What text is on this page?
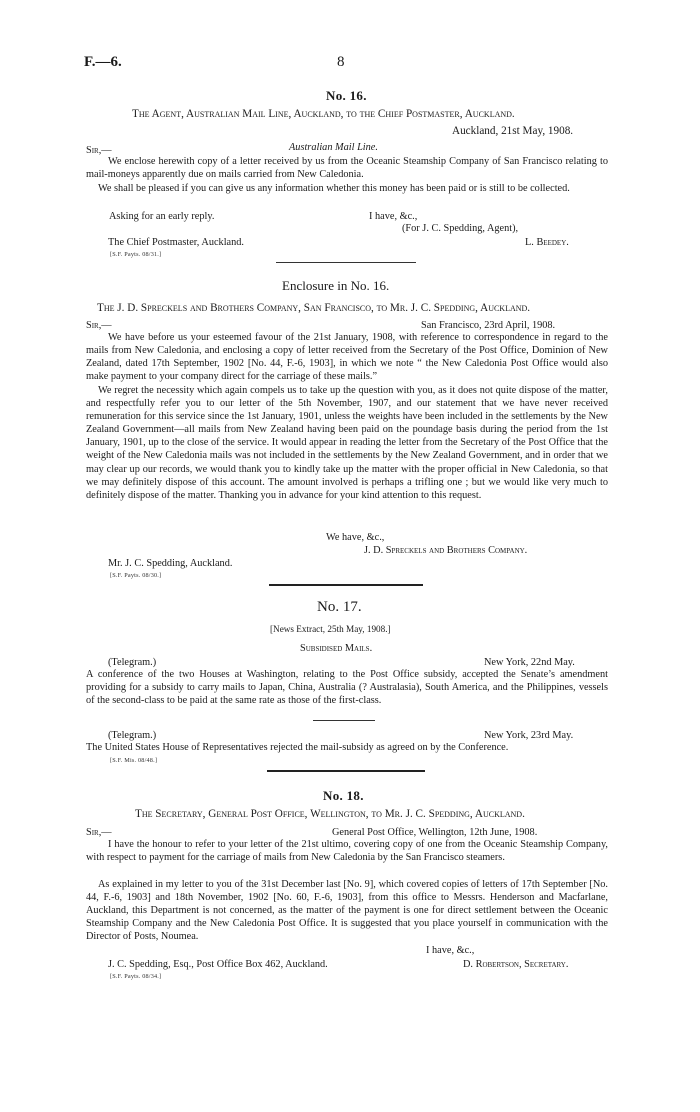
F.—6.	8
No. 16.
The Agent, Australian Mail Line, Auckland, to the Chief Postmaster, Auckland.
Auckland, 21st May, 1908.
Sir,—	Australian Mail Line.
We enclose herewith copy of a letter received by us from the Oceanic Steamship Company of San Francisco relating to mail-moneys apparently due on mails carried from New Caledonia.
We shall be pleased if you can give us any information whether this money has been paid or is still to be collected.
Asking for an early reply.	I have, &c.,
(For J. C. Spedding, Agent),
The Chief Postmaster, Auckland.	L. Beedey.
[S.F. Payts. 08/31.]
Enclosure in No. 16.
The J. D. Spreckels and Brothers Company, San Francisco, to Mr. J. C. Spedding, Auckland.
Sir,—	San Francisco, 23rd April, 1908.
We have before us your esteemed favour of the 21st January, 1908, with reference to correspondence in regard to the mails from New Caledonia, and enclosing a copy of letter received from the Secretary of the Post Office, Dominion of New Zealand, dated 17th September, 1902 [No. 44, F.-6, 1903], in which we note “ the New Caledonia Post Office would also make payment to your company direct for the carriage of these mails.”
We regret the necessity which again compels us to take up the question with you, as it does not quite dispose of the matter, and respectfully refer you to our letter of the 5th November, 1907, and our statement that we have never received remuneration for this service since the 1st January, 1901, unless the weights have been included in the settlements by the New Zealand Government—all mails from New Zealand having been paid on the poundage basis during the period from the 1st January, 1901, up to the close of the service. It would appear in reading the letter from the Secretary of the Post Office that the weight of the New Caledonia mails was not included in the settlements by the New Zealand Government, and in order that we may clear up our records, we would thank you to kindly take up the matter with the proper official in New Caledonia, so that we may definitely dispose of this account. The amount involved is perhaps a trifling one ; but we would like very much to definitely dispose of the matter. Thanking you in advance for your kind attention to this request.
We have, &c.,
J. D. Spreckels and Brothers Company.
Mr. J. C. Spedding, Auckland.
[S.F. Payts. 08/30.]
No. 17.
[News Extract, 25th May, 1908.]
Subsidised Mails.
(Telegram.)	New York, 22nd May.
A conference of the two Houses at Washington, relating to the Post Office subsidy, accepted the Senate’s amendment providing for a subsidy to carry mails to Japan, China, Australia (? Australasia), South America, and the Philippines, vessels of the second-class to be paid at the same rate as those of the first-class.
(Telegram.)	New York, 23rd May.
The United States House of Representatives rejected the mail-subsidy as agreed on by the Conference.
[S.F. Mis. 08/48.]
No. 18.
The Secretary, General Post Office, Wellington, to Mr. J. C. Spedding, Auckland.
Sir,—	General Post Office, Wellington, 12th June, 1908.
I have the honour to refer to your letter of the 21st ultimo, covering copy of one from the Oceanic Steamship Company, with respect to payment for the carriage of mails from New Caledonia by the San Francisco steamers.
As explained in my letter to you of the 31st December last [No. 9], which covered copies of letters of 17th September [No. 44, F.-6, 1903] and 18th November, 1902 [No. 60, F.-6, 1903], from this office to Messrs. Henderson and Macfarlane, Auckland, this Department is not concerned, as the matter of the payment is one for direct settlement between the Oceanic Steamship Company and the New Caledonia Post Office. It is suggested that you place yourself in communication with the Director of Posts, Noumea.
I have, &c.,
J. C. Spedding, Esq., Post Office Box 462, Auckland.	D. Robertson, Secretary.
[S.F. Payts. 08/34.]
